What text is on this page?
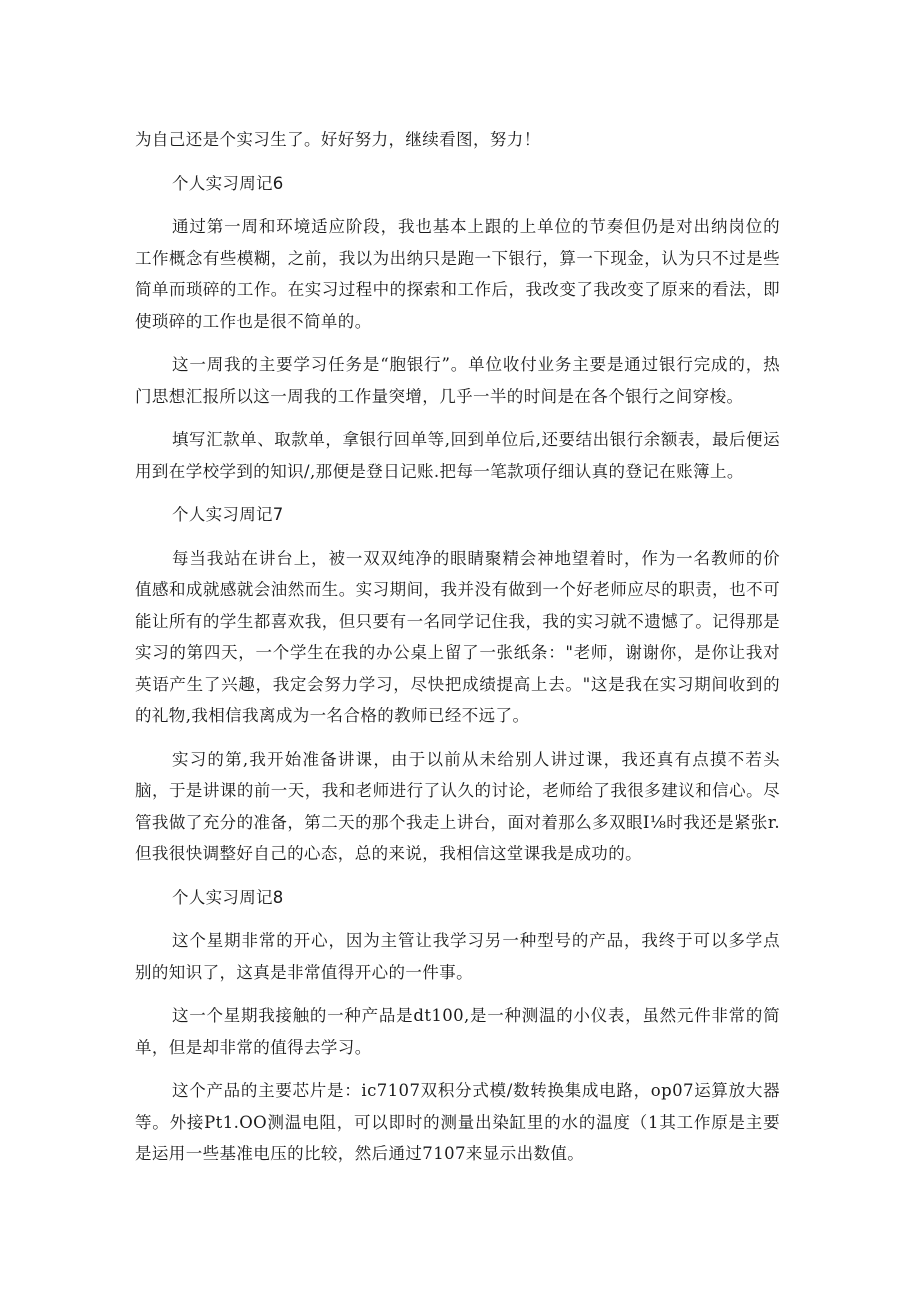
为自己还是个实习生了。好好努力，继续看图，努力！

个人实习周记6

通过第一周和环境适应阶段，我也基本上跟的上单位的节奏但仍是对出纳岗位的工作概念有些模糊，之前，我以为出纳只是跑一下银行，算一下现金，认为只不过是些简单而琐碎的工作。在实习过程中的探索和工作后，我改变了我改变了原来的看法，即使琐碎的工作也是很不简单的。

这一周我的主要学习任务是“胞银行”。单位收付业务主要是通过银行完成的，热门思想汇报所以这一周我的工作量突增，几乎一半的时间是在各个银行之间穿梭。

填写汇款单、取款单，拿银行回单等,回到单位后,还要结出银行余额表，最后便运用到在学校学到的知识/,那便是登日记账.把每一笔款项仔细认真的登记在账簿上。

个人实习周记7

每当我站在讲台上，被一双双纯净的眼睛聚精会神地望着时，作为一名教师的价值感和成就感就会油然而生。实习期间，我并没有做到一个好老师应尽的职责，也不可能让所有的学生都喜欢我，但只要有一名同学记住我，我的实习就不遗憾了。记得那是实习的第四天，一个学生在我的办公桌上留了一张纸条："老师，谢谢你，是你让我对英语产生了兴趣，我定会努力学习，尽快把成绩提高上去。"这是我在实习期间收到的的礼物,我相信我离成为一名合格的教师已经不远了。

实习的第,我开始准备讲课，由于以前从未给别人讲过课，我还真有点摸不若头脑，于是讲课的前一天，我和老师进行了认久的讨论，老师给了我很多建议和信心。尽管我做了充分的准备，第二天的那个我走上讲台，面对着那么多双眼I⅛时我还是紧张r.但我很快调整好自己的心态，总的来说，我相信这堂课我是成功的。

个人实习周记8

这个星期非常的开心，因为主管让我学习另一种型号的产品，我终于可以多学点别的知识了，这真是非常值得开心的一件事。

这一个星期我接触的一种产品是dt100,是一种测温的小仪表，虽然元件非常的简单，但是却非常的值得去学习。

这个产品的主要芯片是：ic7107双积分式模/数转换集成电路，op07运算放大器等。外接Pt1.OO测温电阻，可以即时的测量出染缸里的水的温度（1其工作原是主要是运用一些基准电压的比较，然后通过7107来显示出数值。
